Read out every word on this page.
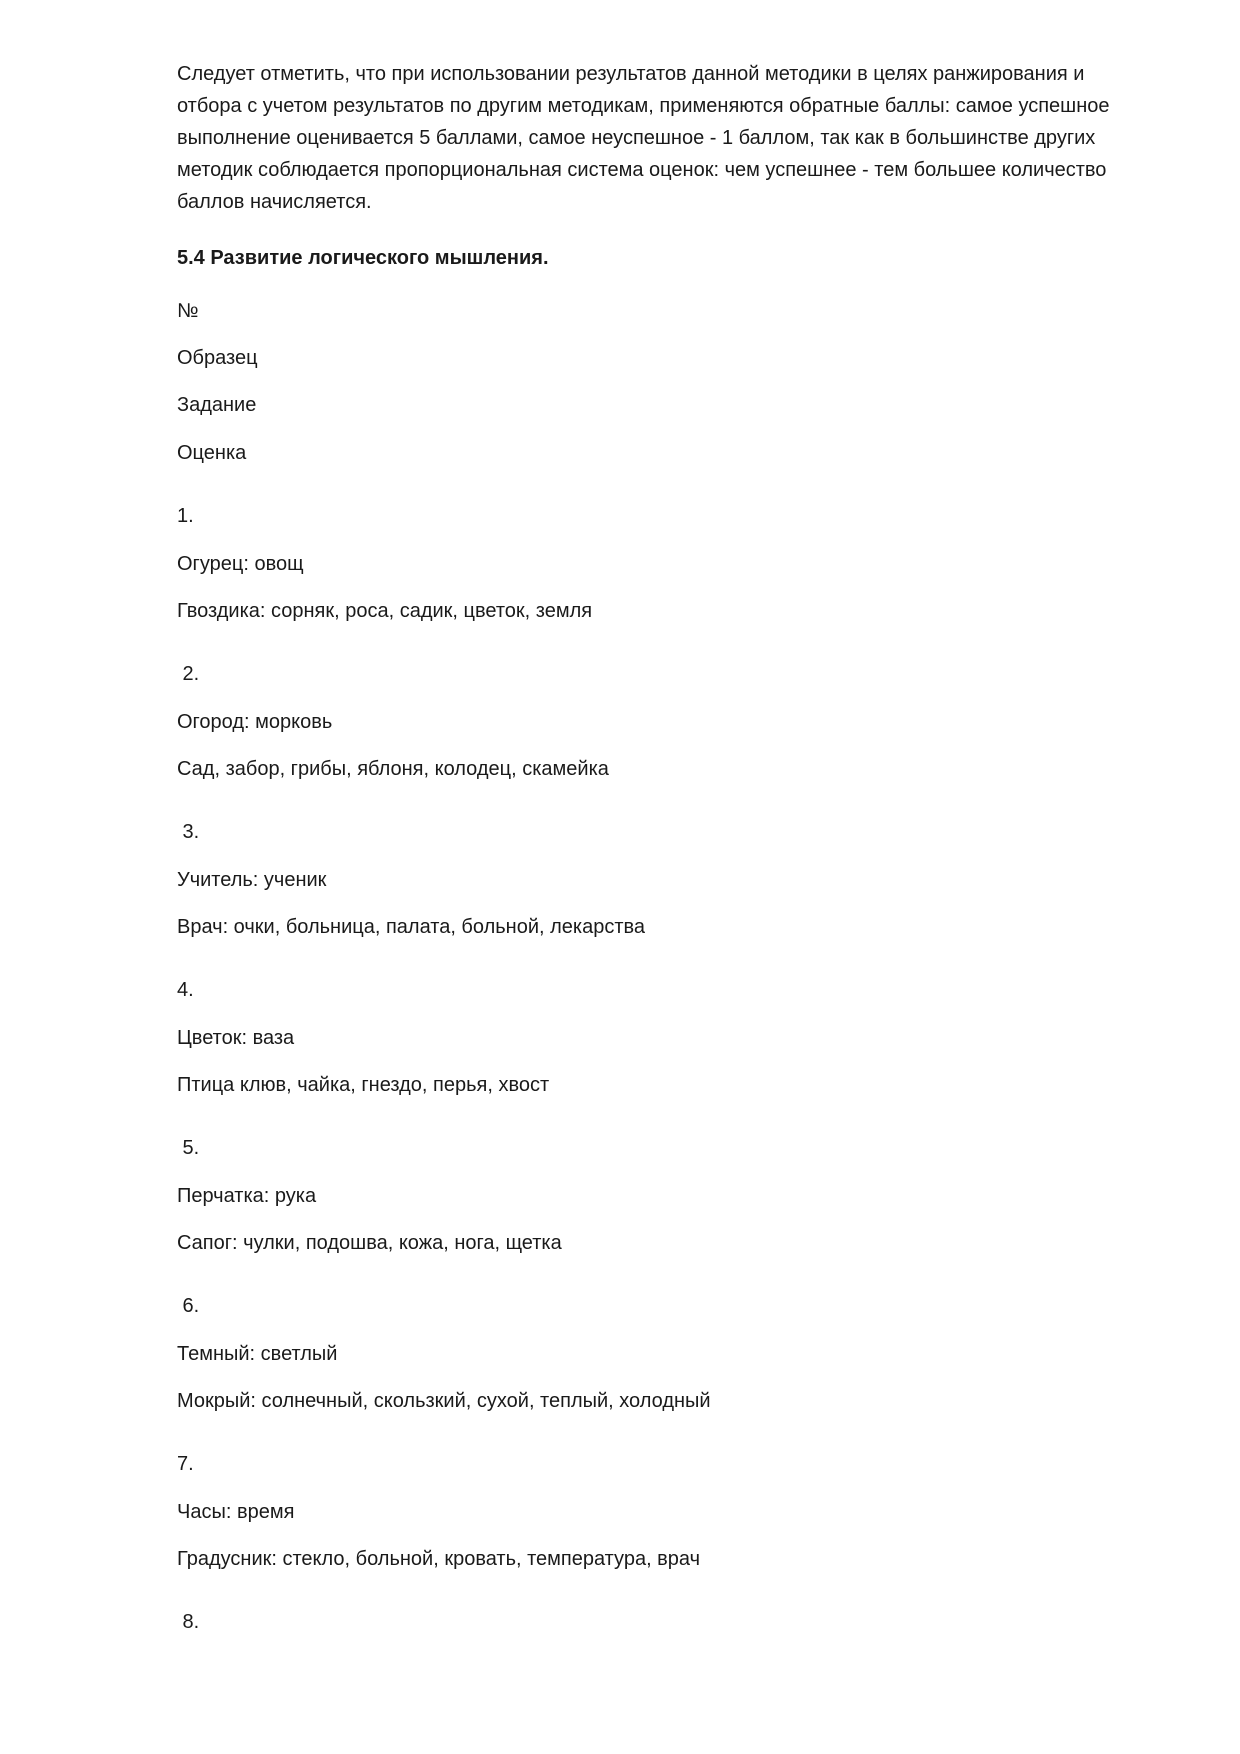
Следует отметить, что при использовании результатов данной методики в целях ранжирования и отбора с учетом результатов по другим методикам, применяются обратные баллы: самое успешное выполнение оценивается 5 баллами, самое неуспешное - 1 баллом, так как в большинстве других методик соблюдается пропорциональная система оценок: чем успешнее - тем большее количество баллов начисляется.

5.4 Развитие логического мышления.

№

Образец

Задание

Оценка

1.

Огурец: овощ

Гвоздика: сорняк, роса, садик, цветок, земля

2.

Огород: морковь

Сад, забор, грибы, яблоня, колодец, скамейка

3.

Учитель: ученик

Врач: очки, больница, палата, больной, лекарства

4.

Цветок: ваза

Птица клюв, чайка, гнездо, перья, хвост

5.

Перчатка: рука

Сапог: чулки, подошва, кожа, нога, щетка

6.

Темный: светлый

Мокрый: солнечный, скользкий, сухой, теплый, холодный

7.

Часы: время

Градусник: стекло, больной, кровать, температура, врач

8.
